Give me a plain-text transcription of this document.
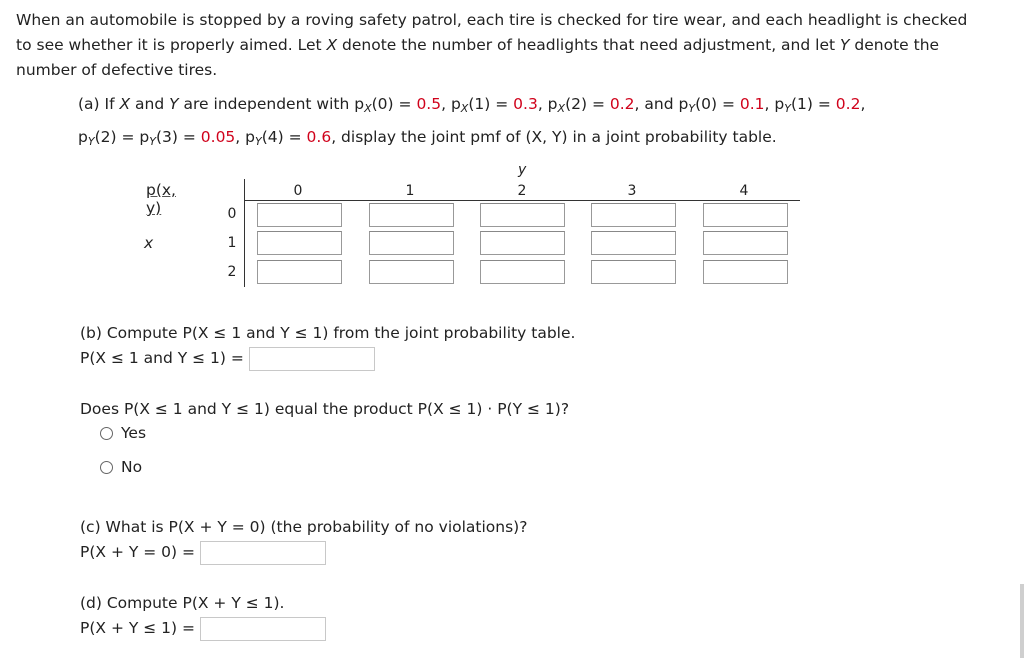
When an automobile is stopped by a roving safety patrol, each tire is checked for tire wear, and each headlight is checked
to see whether it is properly aimed. Let X denote the number of headlights that need adjustment, and let Y denote the
number of defective tires.
(a) If X and Y are independent with $p_X(0) = 0.5$, $p_X(1) = 0.3$, $p_X(2) = 0.2$, and $p_Y(0) = 0.1$, $p_Y(1) = 0.2$,
$p_Y(2) = p_Y(3) = 0.05$, $p_Y(4) = 0.6$, display the joint pmf of (X, Y) in a joint probability table.
p(x, y)
y
x
0	1	2	3	4
0
1
2
(b) Compute P(X ≤ 1 and Y ≤ 1) from the joint probability table.
P(X ≤ 1 and Y ≤ 1) =
Does P(X ≤ 1 and Y ≤ 1) equal the product P(X ≤ 1) · P(Y ≤ 1)?
Yes
No
(c) What is P(X + Y = 0) (the probability of no violations)?
P(X + Y = 0) =
(d) Compute P(X + Y ≤ 1).
P(X + Y ≤ 1) =
